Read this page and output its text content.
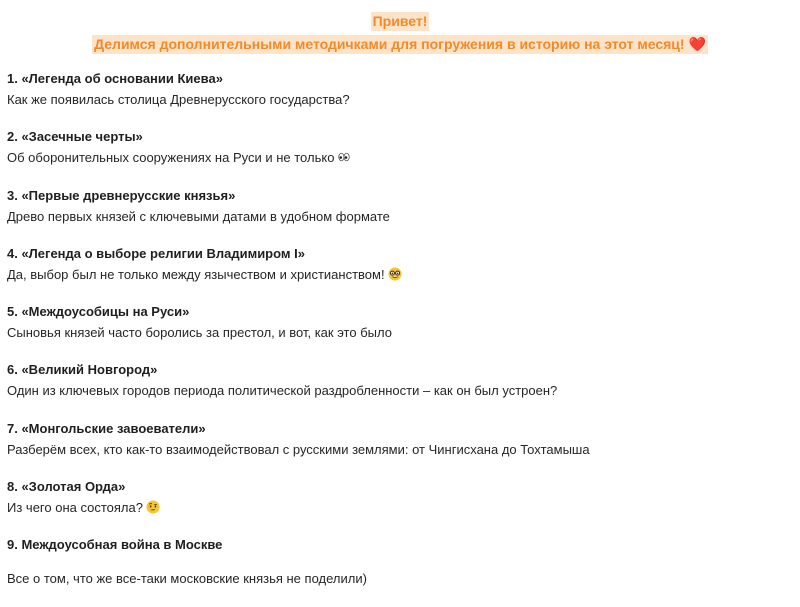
Привет!
Делимся дополнительными методичками для погружения в историю на этот месяц! ❤️
1. «Легенда об основании Киева»
Как же появилась столица Древнерусского государства?
2. «Засечные черты»
Об оборонительных сооружениях на Руси и не только
3. «Первые древнерусские князья»
Древо первых князей с ключевыми датами в удобном формате
4. «Легенда о выборе религии Владимиром I»
Да, выбор был не только между язычеством и христианством!
5. «Междоусобицы на Руси»
Сыновья князей часто боролись за престол, и вот, как это было
6. «Великий Новгород»
Один из ключевых городов периода политической раздробленности – как он был устроен?
7. «Монгольские завоеватели»
Разберём всех, кто как-то взаимодействовал с русскими землями: от Чингисхана до Тохтамыша
8. «Золотая Орда»
Из чего она состояла?
9. Междоусобная война в Москве
Все о том, что же все-таки московские князья не поделили)
